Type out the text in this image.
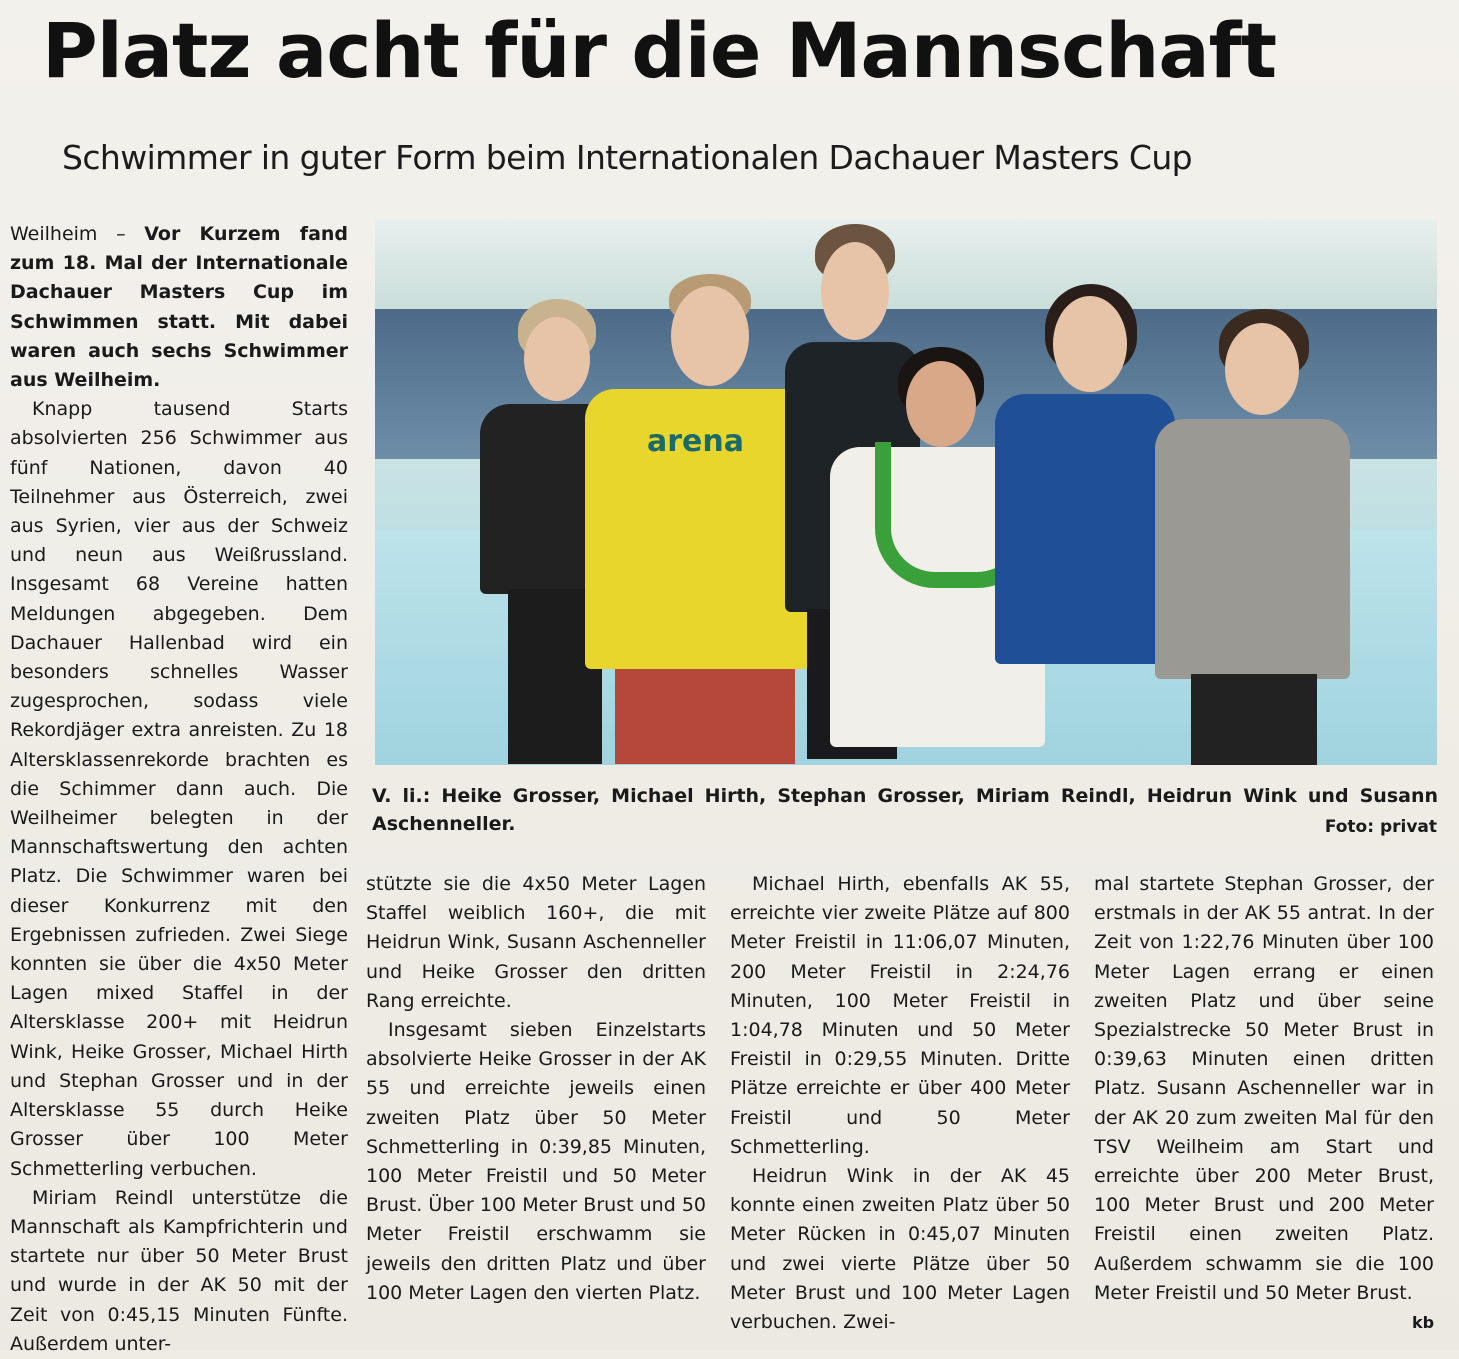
Platz acht für die Mannschaft
Schwimmer in guter Form beim Internationalen Dachauer Masters Cup

Weilheim – Vor Kurzem fand zum 18. Mal der Internationale Dachauer Masters Cup im Schwimmen statt. Mit dabei waren auch sechs Schwimmer aus Weilheim.

Knapp tausend Starts absolvierten 256 Schwimmer aus fünf Nationen, davon 40 Teilnehmer aus Österreich, zwei aus Syrien, vier aus der Schweiz und neun aus Weißrussland. Insgesamt 68 Vereine hatten Meldungen abgegeben. Dem Dachauer Hallenbad wird ein besonders schnelles Wasser zugesprochen, sodass viele Rekordjäger extra anreisten. Zu 18 Altersklassenrekorde brachten es die Schimmer dann auch. Die Weilheimer belegten in der Mannschaftswertung den achten Platz. Die Schwimmer waren bei dieser Konkurrenz mit den Ergebnissen zufrieden. Zwei Siege konnten sie über die 4x50 Meter Lagen mixed Staffel in der Altersklasse 200+ mit Heidrun Wink, Heike Grosser, Michael Hirth und Stephan Grosser und in der Altersklasse 55 durch Heike Grosser über 100 Meter Schmetterling verbuchen.

Miriam Reindl unterstütze die Mannschaft als Kampfrichterin und startete nur über 50 Meter Brust und wurde in der AK 50 mit der Zeit von 0:45,15 Minuten Fünfte. Außerdem unter-

arena
V. li.: Heike Grosser, Michael Hirth, Stephan Grosser, Miriam Reindl, Heidrun Wink und Susann Aschenneller.	Foto: privat

stützte sie die 4x50 Meter Lagen Staffel weiblich 160+, die mit Heidrun Wink, Susann Aschenneller und Heike Grosser den dritten Rang erreichte.

Insgesamt sieben Einzelstarts absolvierte Heike Grosser in der AK 55 und erreichte jeweils einen zweiten Platz über 50 Meter Schmetterling in 0:39,85 Minuten, 100 Meter Freistil und 50 Meter Brust. Über 100 Meter Brust und 50 Meter Freistil erschwamm sie jeweils den dritten Platz und über 100 Meter Lagen den vierten Platz.

Michael Hirth, ebenfalls AK 55, erreichte vier zweite Plätze auf 800 Meter Freistil in 11:06,07 Minuten, 200 Meter Freistil in 2:24,76 Minuten, 100 Meter Freistil in 1:04,78 Minuten und 50 Meter Freistil in 0:29,55 Minuten. Dritte Plätze erreichte er über 400 Meter Freistil und 50 Meter Schmetterling.

Heidrun Wink in der AK 45 konnte einen zweiten Platz über 50 Meter Rücken in 0:45,07 Minuten und zwei vierte Plätze über 50 Meter Brust und 100 Meter Lagen verbuchen. Zwei-

mal startete Stephan Grosser, der erstmals in der AK 55 antrat. In der Zeit von 1:22,76 Minuten über 100 Meter Lagen errang er einen zweiten Platz und über seine Spezialstrecke 50 Meter Brust in 0:39,63 Minuten einen dritten Platz. Susann Aschenneller war in der AK 20 zum zweiten Mal für den TSV Weilheim am Start und erreichte über 200 Meter Brust, 100 Meter Brust und 200 Meter Freistil einen zweiten Platz. Außerdem schwamm sie die 100 Meter Freistil und 50 Meter Brust.

kb
